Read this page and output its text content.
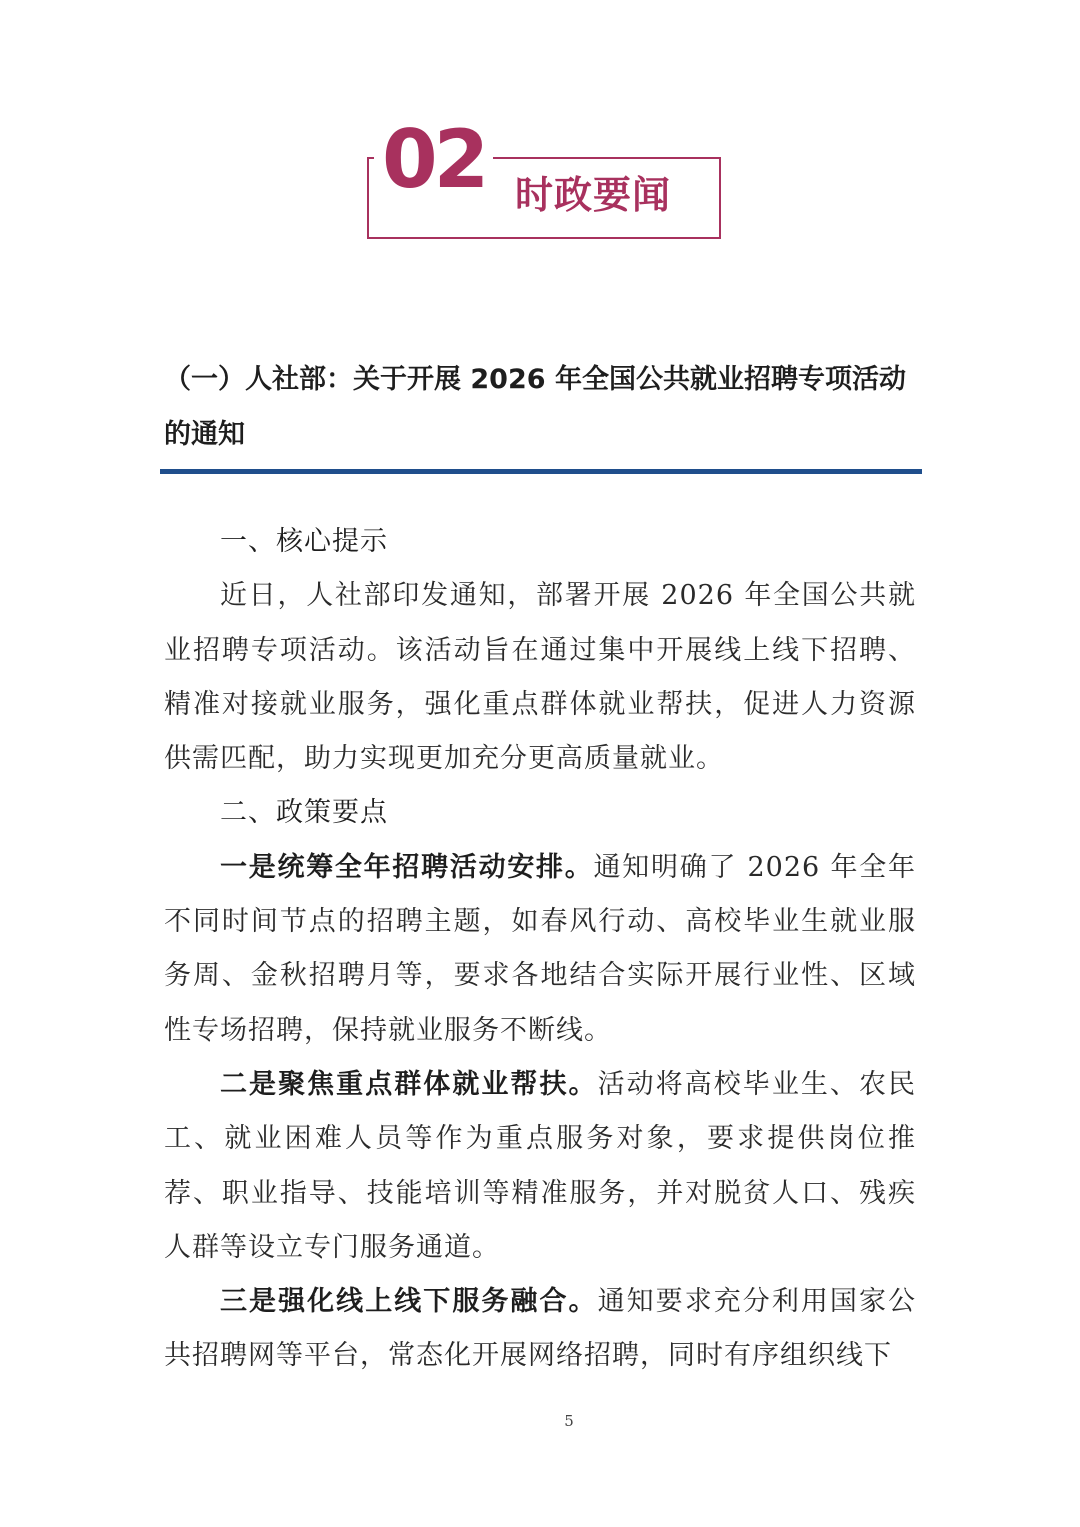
02 时政要闻
（一）人社部：关于开展 2026 年全国公共就业招聘专项活动的通知

一、核心提示

近日，人社部印发通知，部署开展 2026 年全国公共就业招聘专项活动。该活动旨在通过集中开展线上线下招聘、精准对接就业服务，强化重点群体就业帮扶，促进人力资源供需匹配，助力实现更加充分更高质量就业。

二、政策要点

一是统筹全年招聘活动安排。通知明确了 2026 年全年不同时间节点的招聘主题，如春风行动、高校毕业生就业服务周、金秋招聘月等，要求各地结合实际开展行业性、区域性专场招聘，保持就业服务不断线。

二是聚焦重点群体就业帮扶。活动将高校毕业生、农民工、就业困难人员等作为重点服务对象，要求提供岗位推荐、职业指导、技能培训等精准服务，并对脱贫人口、残疾人群等设立专门服务通道。

三是强化线上线下服务融合。通知要求充分利用国家公共招聘网等平台，常态化开展网络招聘，同时有序组织线下

5
